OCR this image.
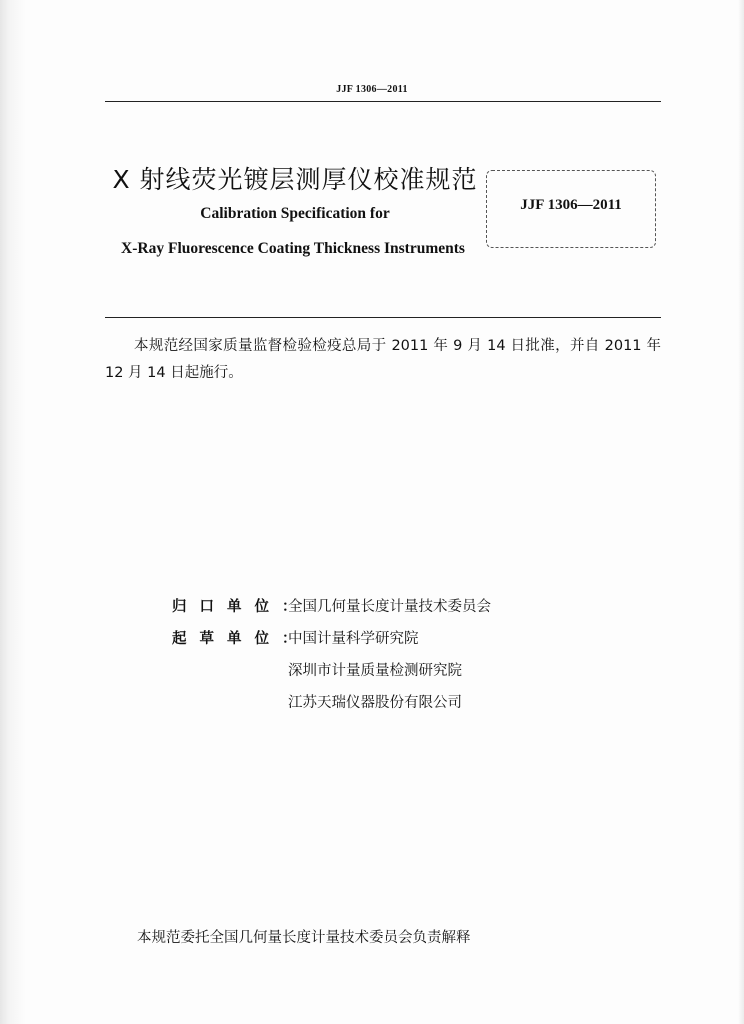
JJF 1306—2011
X 射线荧光镀层测厚仪校准规范
Calibration Specification for
X-Ray Fluorescence Coating Thickness Instruments
JJF 1306—2011
本规范经国家质量监督检验检疫总局于 2011 年 9 月 14 日批准，并自 2011 年 12 月 14 日起施行。
归口单位：
全国几何量长度计量技术委员会
起草单位：
中国计量科学研究院
深圳市计量质量检测研究院
江苏天瑞仪器股份有限公司
本规范委托全国几何量长度计量技术委员会负责解释
